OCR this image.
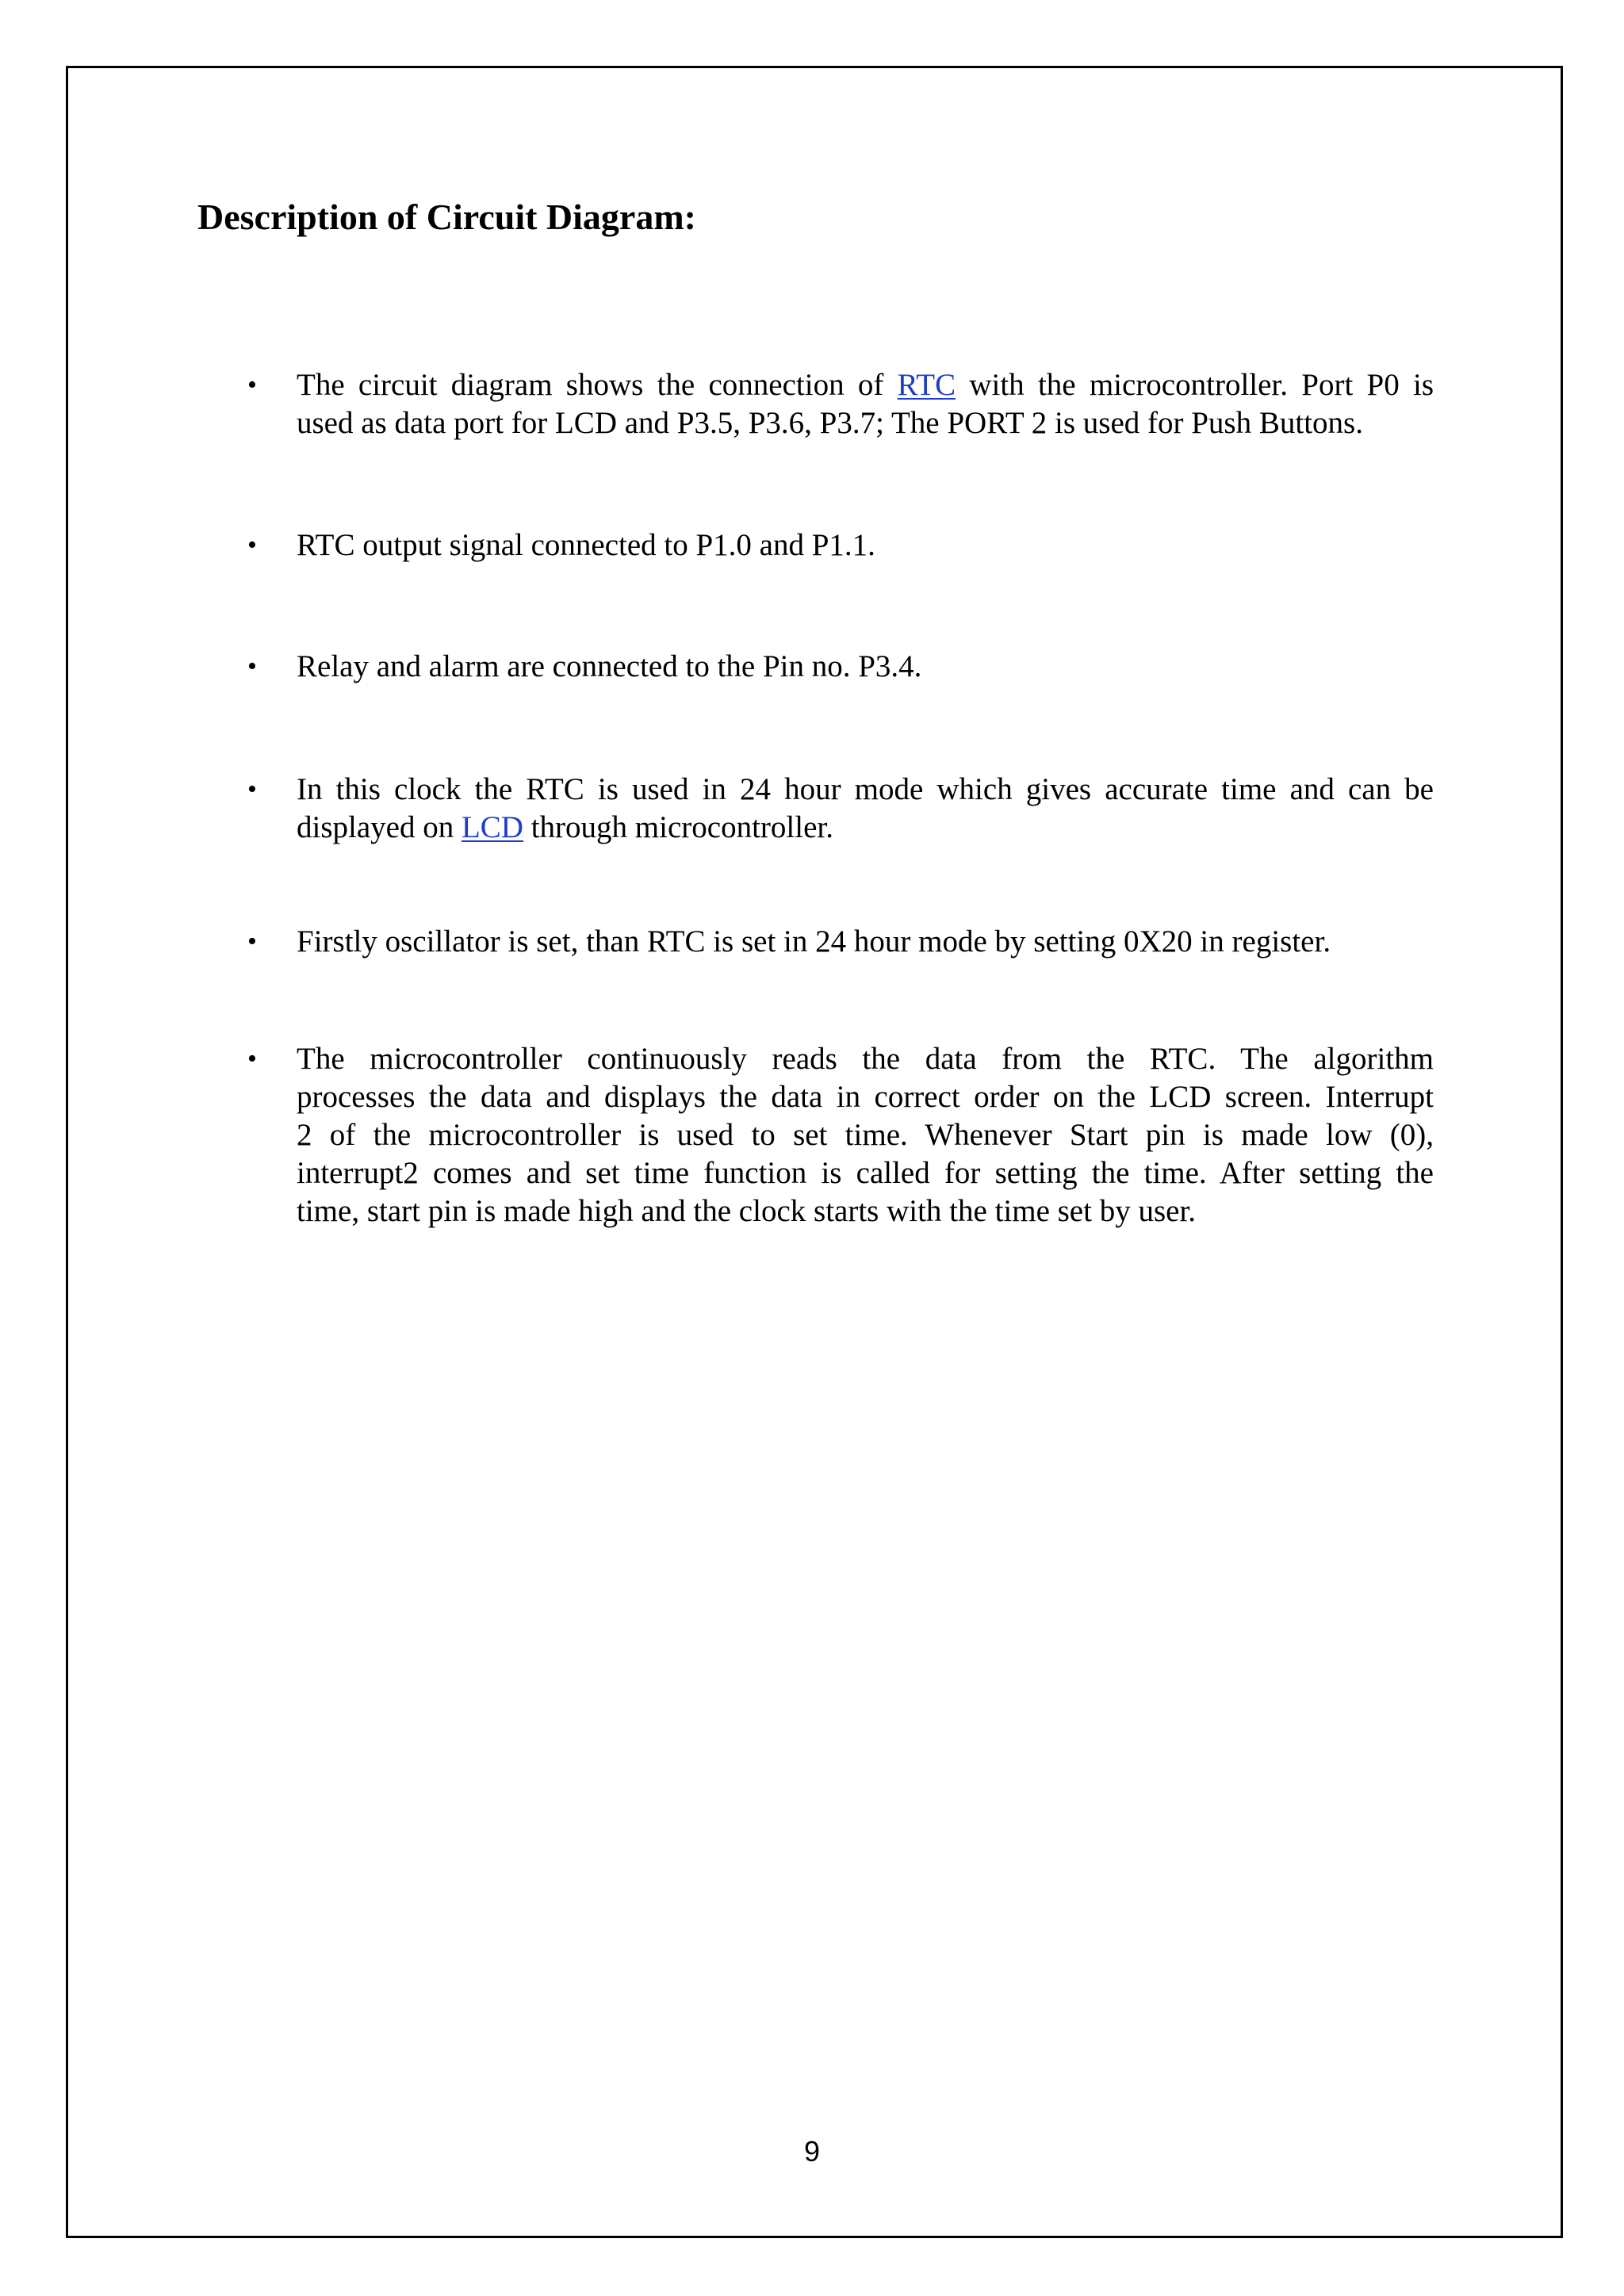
Description of Circuit Diagram:
• The circuit diagram shows the connection of RTC with the microcontroller. Port P0 is
used as data port for LCD and P3.5, P3.6, P3.7; The PORT 2 is used for Push Buttons.
• RTC output signal connected to P1.0 and P1.1.
• Relay and alarm are connected to the Pin no. P3.4.
• In this clock the RTC is used in 24 hour mode which gives accurate time and can be
displayed on LCD through microcontroller.
• Firstly oscillator is set, than RTC is set in 24 hour mode by setting 0X20 in register.
• The microcontroller continuously reads the data from the RTC. The algorithm
processes the data and displays the data in correct order on the LCD screen. Interrupt
2 of the microcontroller is used to set time. Whenever Start pin is made low (0),
interrupt2 comes and set time function is called for setting the time. After setting the
time, start pin is made high and the clock starts with the time set by user.
9
